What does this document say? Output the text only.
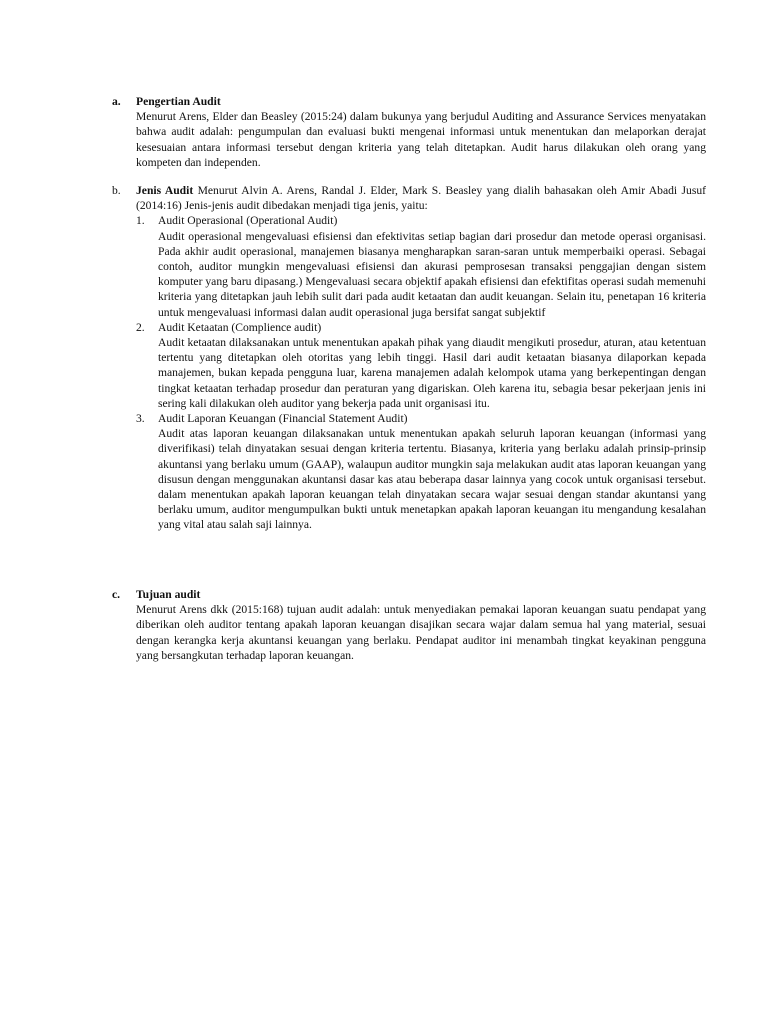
a.	Pengertian Audit

Menurut Arens, Elder dan Beasley (2015:24) dalam bukunya yang berjudul Auditing and Assurance Services menyatakan bahwa audit adalah: pengumpulan dan evaluasi bukti mengenai informasi untuk menentukan dan melaporkan derajat kesesuaian antara informasi tersebut dengan kriteria yang telah ditetapkan. Audit harus dilakukan oleh orang yang kompeten dan independen.

b.	Jenis Audit Menurut Alvin A. Arens, Randal J. Elder, Mark S. Beasley yang dialih bahasakan oleh Amir Abadi Jusuf (2014:16) Jenis-jenis audit dibedakan menjadi tiga jenis, yaitu:

1.	Audit Operasional (Operational Audit)

Audit operasional mengevaluasi efisiensi dan efektivitas setiap bagian dari prosedur dan metode operasi organisasi. Pada akhir audit operasional, manajemen biasanya mengharapkan saran-saran untuk memperbaiki operasi. Sebagai contoh, auditor mungkin mengevaluasi efisiensi dan akurasi pemprosesan transaksi penggajian dengan sistem komputer yang baru dipasang.) Mengevaluasi secara objektif apakah efisiensi dan efektifitas operasi sudah memenuhi kriteria yang ditetapkan jauh lebih sulit dari pada audit ketaatan dan audit keuangan. Selain itu, penetapan 16 kriteria untuk mengevaluasi informasi dalan audit operasional juga bersifat sangat subjektif

2.	Audit Ketaatan (Complience audit)

Audit ketaatan dilaksanakan untuk menentukan apakah pihak yang diaudit mengikuti prosedur, aturan, atau ketentuan tertentu yang ditetapkan oleh otoritas yang lebih tinggi. Hasil dari audit ketaatan biasanya dilaporkan kepada manajemen, bukan kepada pengguna luar, karena manajemen adalah kelompok utama yang berkepentingan dengan tingkat ketaatan terhadap prosedur dan peraturan yang digariskan. Oleh karena itu, sebagia besar pekerjaan jenis ini sering kali dilakukan oleh auditor yang bekerja pada unit organisasi itu.

3.	Audit Laporan Keuangan (Financial Statement Audit)

Audit atas laporan keuangan dilaksanakan untuk menentukan apakah seluruh laporan keuangan (informasi yang diverifikasi) telah dinyatakan sesuai dengan kriteria tertentu. Biasanya, kriteria yang berlaku adalah prinsip-prinsip akuntansi yang berlaku umum (GAAP), walaupun auditor mungkin saja melakukan audit atas laporan keuangan yang disusun dengan menggunakan akuntansi dasar kas atau beberapa dasar lainnya yang cocok untuk organisasi tersebut. dalam menentukan apakah laporan keuangan telah dinyatakan secara wajar sesuai dengan standar akuntansi yang berlaku umum, auditor mengumpulkan bukti untuk menetapkan apakah laporan keuangan itu mengandung kesalahan yang vital atau salah saji lainnya.

c.	Tujuan audit

Menurut Arens dkk (2015:168) tujuan audit adalah: untuk menyediakan pemakai laporan keuangan suatu pendapat yang diberikan oleh auditor tentang apakah laporan keuangan disajikan secara wajar dalam semua hal yang material, sesuai dengan kerangka kerja akuntansi keuangan yang berlaku. Pendapat auditor ini menambah tingkat keyakinan pengguna yang bersangkutan terhadap laporan keuangan.
